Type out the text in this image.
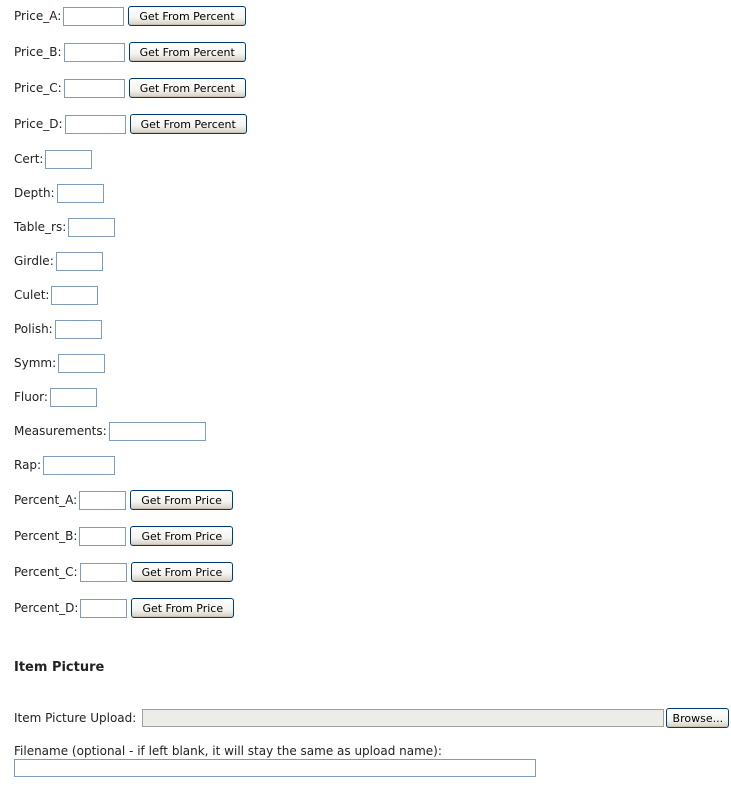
Price_A:	Get From Percent
Price_B:	Get From Percent
Price_C:	Get From Percent
Price_D:	Get From Percent
Cert:
Depth:
Table_rs:
Girdle:
Culet:
Polish:
Symm:
Fluor:
Measurements:
Rap:
Percent_A:	Get From Price
Percent_B:	Get From Price
Percent_C:	Get From Price
Percent_D:	Get From Price
Item Picture
Item Picture Upload:	Browse...
Filename (optional - if left blank, it will stay the same as upload name):
